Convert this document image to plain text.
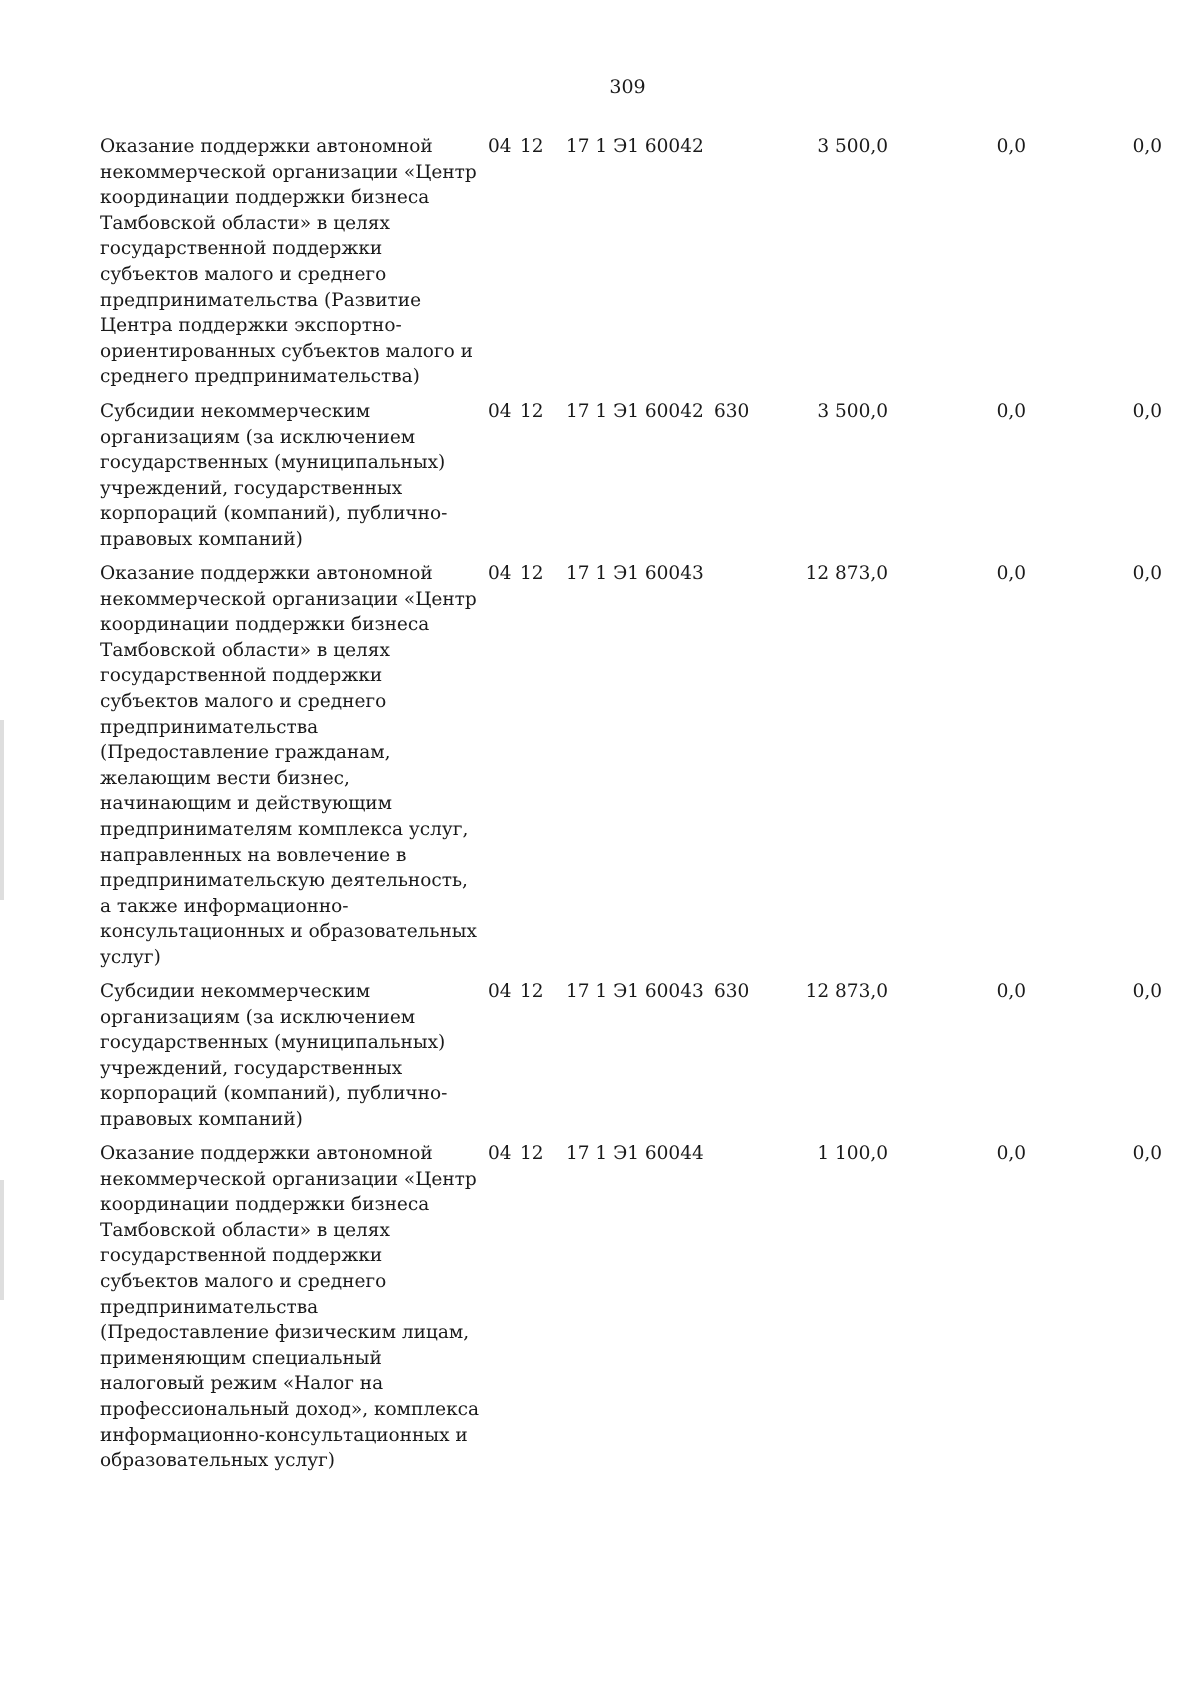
309
Оказание поддержки автономной
некоммерческой организации «Центр
координации поддержки бизнеса
Тамбовской области» в целях
государственной поддержки
субъектов малого и среднего
предпринимательства (Развитие
Центра поддержки экспортно-
ориентированных субъектов малого и
среднего предпринимательства)
04 12 17 1 Э1 60042	3 500,0	0,0	0,0
Субсидии некоммерческим
организациям (за исключением
государственных (муниципальных)
учреждений, государственных
корпораций (компаний), публично-
правовых компаний)
04 12 17 1 Э1 60042 630	3 500,0	0,0	0,0
Оказание поддержки автономной
некоммерческой организации «Центр
координации поддержки бизнеса
Тамбовской области» в целях
государственной поддержки
субъектов малого и среднего
предпринимательства
(Предоставление гражданам,
желающим вести бизнес,
начинающим и действующим
предпринимателям комплекса услуг,
направленных на вовлечение в
предпринимательскую деятельность,
а также информационно-
консультационных и образовательных
услуг)
04 12 17 1 Э1 60043	12 873,0	0,0	0,0
Субсидии некоммерческим
организациям (за исключением
государственных (муниципальных)
учреждений, государственных
корпораций (компаний), публично-
правовых компаний)
04 12 17 1 Э1 60043 630	12 873,0	0,0	0,0
Оказание поддержки автономной
некоммерческой организации «Центр
координации поддержки бизнеса
Тамбовской области» в целях
государственной поддержки
субъектов малого и среднего
предпринимательства
(Предоставление физическим лицам,
применяющим специальный
налоговый режим «Налог на
профессиональный доход», комплекса
информационно-консультационных и
образовательных услуг)
04 12 17 1 Э1 60044	1 100,0	0,0	0,0
